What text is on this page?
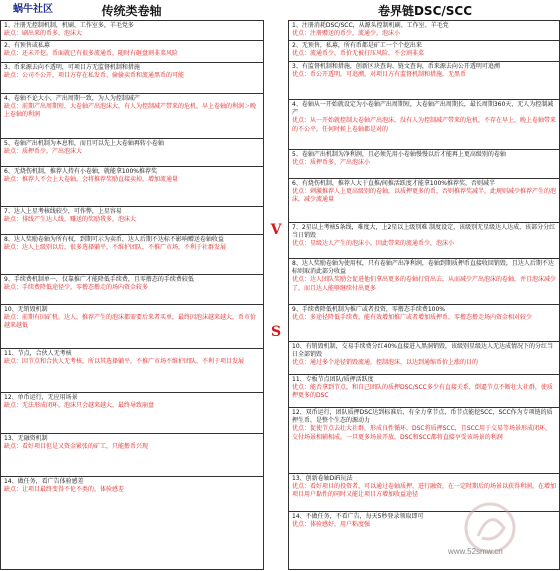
蜗牛社区	传统类卷轴	卷界链DSC/SCC
1、注册无控制机制，机刷、工作室多，羊毛党多
缺点：刷出来的币多，泡沫大
2、有预售或私募
缺点：还未开挖，币面就已有很多流通币，随时有砸盘割韭菜风险
3、币来源去向不透明，可项目方无监督机制和措施
缺点：公司不公开，项目方存在私发币、偷偷卖币和流通黑币的可能
4、卷轴不论大小，产出周期一致，为人为控制减产
缺点：前期产出周期短，大卷轴产出泡沫大，有人为控制减产带来的危机，早上卷轴的利润＞晚上卷轴的利润
5、卷轴产出机制为本息和，而且可以先上大卷轴再转小卷轴
缺点：质押币少，产出泡沫大
6、无烧伤机制，推荐人持有小卷轴，就能拿100%推荐奖
缺点：推荐人不会上大卷轴，会将推荐奖励直接卖掉，增加流通量
7、达人上星考核线较少，可作弊，上星容易
缺点：排线产生达人线，赚送的奖励我多，泡沫大
8、达人奖励卷轴为所有权，到期可示为卖币，达人后期不达标不影响赠送卷轴收益
缺点：达人上级别以后，很多选择躺平，不维护团队，不推广市场，不利于社群发展
9、手续费机制单一，仅靠推广才能降低手续费，且零撸态的手续费较低
缺点：手续费降低途径少，零撸态撸走的场内资金较多
10、无销毁机制
缺点：前期有因矿机，达人，推荐产生的泡沫都需要后来者买单，最终因泡沫越来越大，币市价越来越低
11、节点，合伙人无考核
缺点：因节点和合伙人无考核，所以其选择躺平，不推广市场不维护团队，不利于项目发展
12、单币运行，无应用场景
缺点：无法形成闭环，泡沫只会越来越大，最终导致崩盘
13、无融资机制
缺点：看好项目但是又资金紧张的矿工，只能撸币兴现
14、做任务，看广告体验感差
缺点：让项目最终变得不伦不类的，体验感差
1、注册消耗DSC/SCC，从源头控制机刷、工作室、羊毛党
优点：注册赠送的币少，流通少，泡沫小
2、无预售，私募，所有币都是矿工一个个挖出来
优点：流通币少，币价无被打压风险，不会割韭菜
3、有监督机制和措施，创新区块查询、链文查询，币来源去向公开透明可追溯
优点：币公开透明，可追溯，对项目方有监督机制和措施，无黑币
4、卷轴从一开始就设定为小卷轴产出周期短，大卷轴产出周期长，最长周期360天，无人为控制减产
优点：从一开始就控制大卷轴产出泡沫，没有人为控制减产带来的危机，不存在早上，晚上卷轴带来的不公平，任何时候上卷轴都是对的
5、卷轴产出机制为净利润，且必须先用小卷轴慢慢以后才能再上更高级别的卷轴
优点：质押币多，产出泡沫小
6、有烧伤机制，推荐人大于直推/间推活跃度才能拿100%推荐奖，否则减半
优点：刺激推荐人上更高级别的卷轴，以质押更多的币，否则推荐奖减半，此规则减少推荐产生的泡沫，减少流通量
7、2星以上考核5条线，难度大，上2星以上级别难 制度设定，该级别无星级达人达成，该部分分红当日销毁
优点：星级达人产生的泡沫小，因此带来的流通币少，泡沫小
8、达人奖励卷轴为使用权，只有卷轴产出净利润，卷轴到期质押币直接收回销毁，且达人后期不达标则取消此部分收益
优点：达人团队奖励会促进他们拿出更多的卷轴打赏出去，从而减少产出泡沫的卷轴，并且泡沫减少了，而且达人能够继续付出更多
9、手续费降低机制为推广或者投资，零撸态手续费100%
优点：多途径降低手续费，能有效增加推广或者增加质押币，零撸态撸走场内资金相对较少
10、有销毁机制，交易手续费分红40%直接进入黑洞销毁，该级别星级达人无达成情况下的分红当日全部销毁
优点：通过多个途径销毁流通，控制泡沫，以达到通缩币价上涨的目的
11、专板节点团队/质押活跃度
优点：能否拿到节点，和自己团队的质押DSC/SCC多少有直接关系，倒逼节点不断壮大社群，使质押更多的DSC
12、双币运行，团队质押DSC达到标准后，有全力拿节点，币节点能挖SCC，SCC作为专项链的质押生币，是整个生态的源动力
优点：促使节点去壮大社群，形成良性循环，DSC将质押SCC，且SCC用于交易等场景形成闭环，交付场景相辅相成，一旦更多场景开放，DSC和SCC都将直接享受该场景的利润
13、创新卷轴DiFi玩法
优点：看好项目的投资者，可以通过卷轴质押，进行融资，在一定时期后的场景以获得利润，在增加项目用户黏性的同时又能让项目方增加收益途径
14、不做任务，不看广告，每天5秒登录领取即可
优点：体验感好，用户粘度强
V
S
www.52smw.cn
